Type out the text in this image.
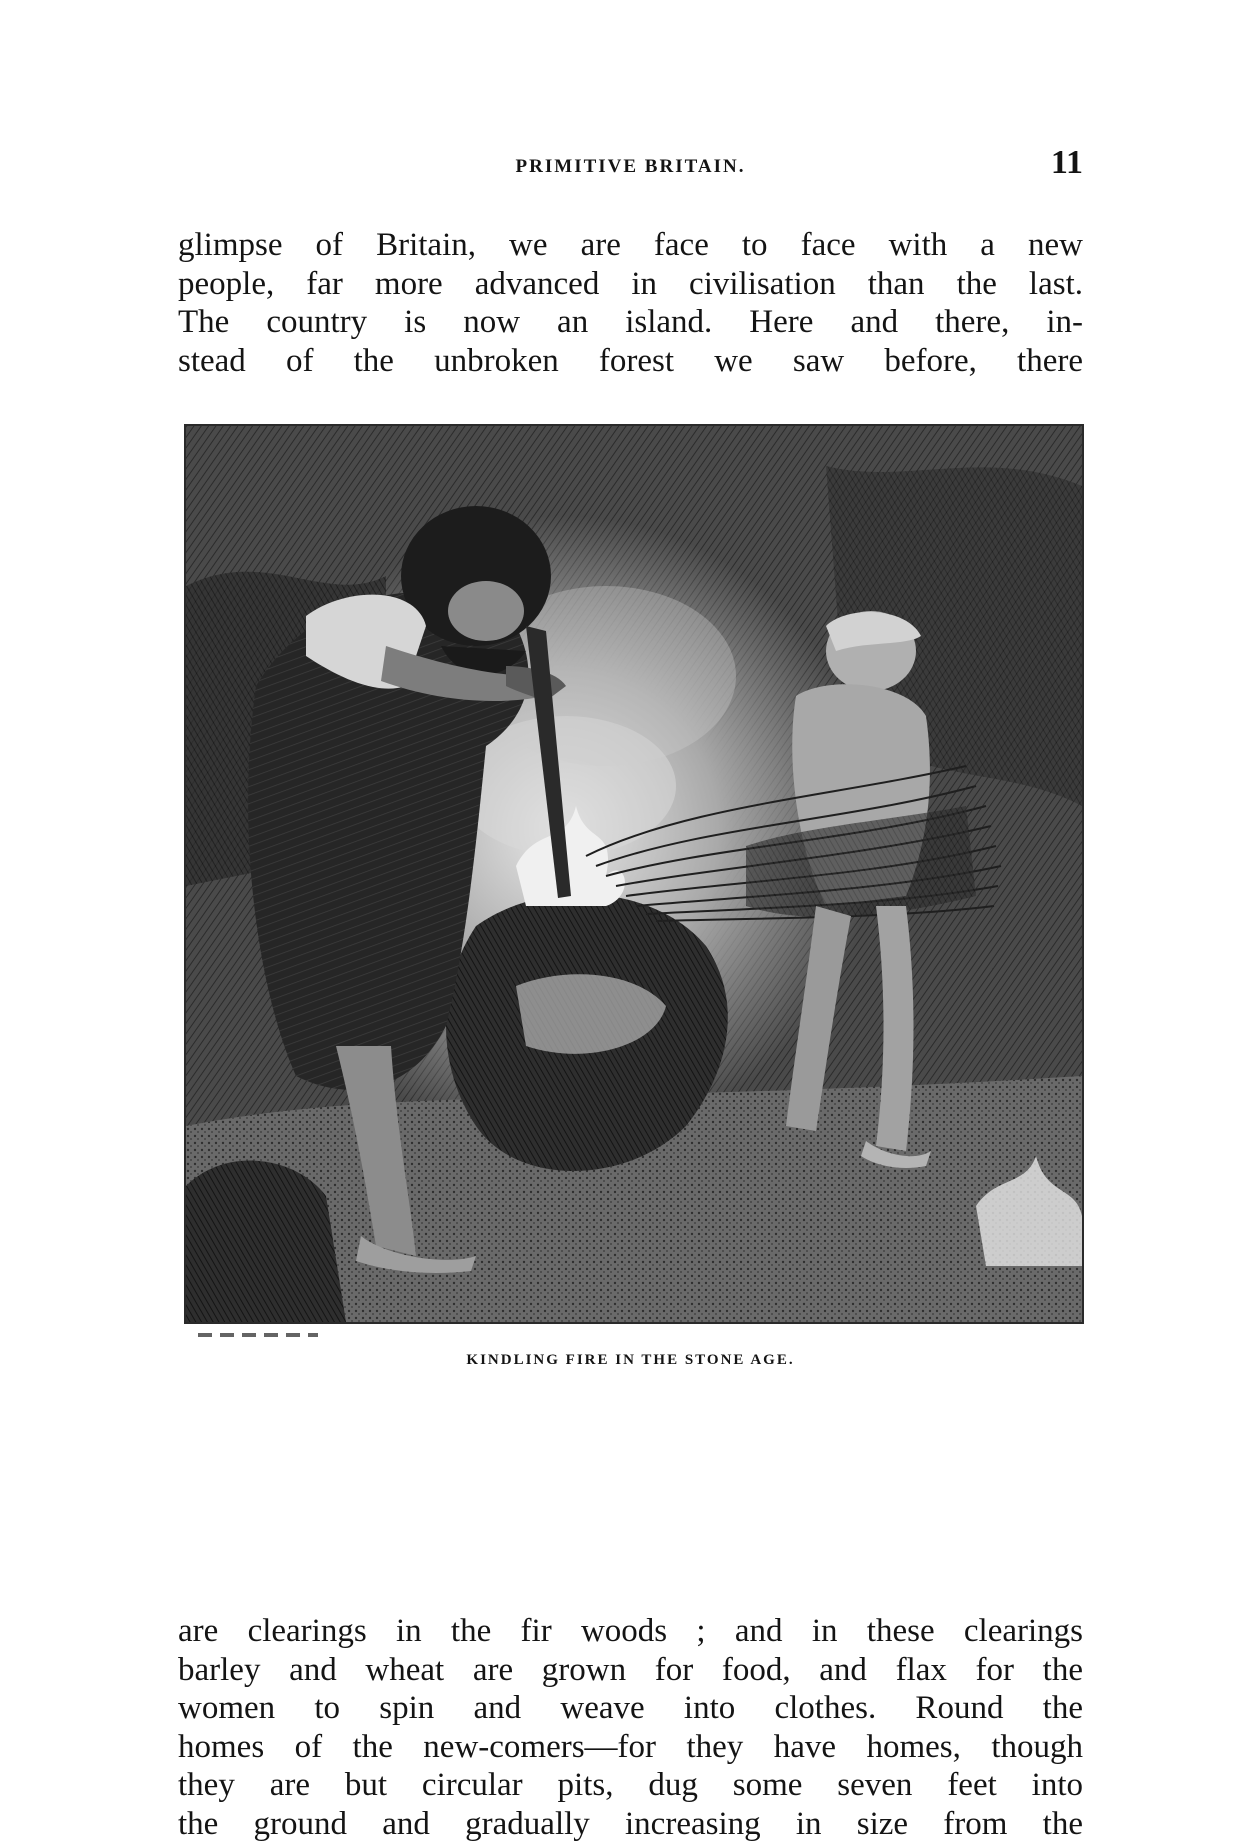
PRIMITIVE BRITAIN.	11
glimpse of Britain, we are face to face with a new
people, far more advanced in civilisation than the last.
The country is now an island. Here and there, in-
stead of the unbroken forest we saw before, there
KINDLING FIRE IN THE STONE AGE.
are clearings in the fir woods ; and in these clearings
barley and wheat are grown for food, and flax for the
women to spin and weave into clothes. Round the
homes of the new-comers—for they have homes, though
they are but circular pits, dug some seven feet into
the ground and gradually increasing in size from the
